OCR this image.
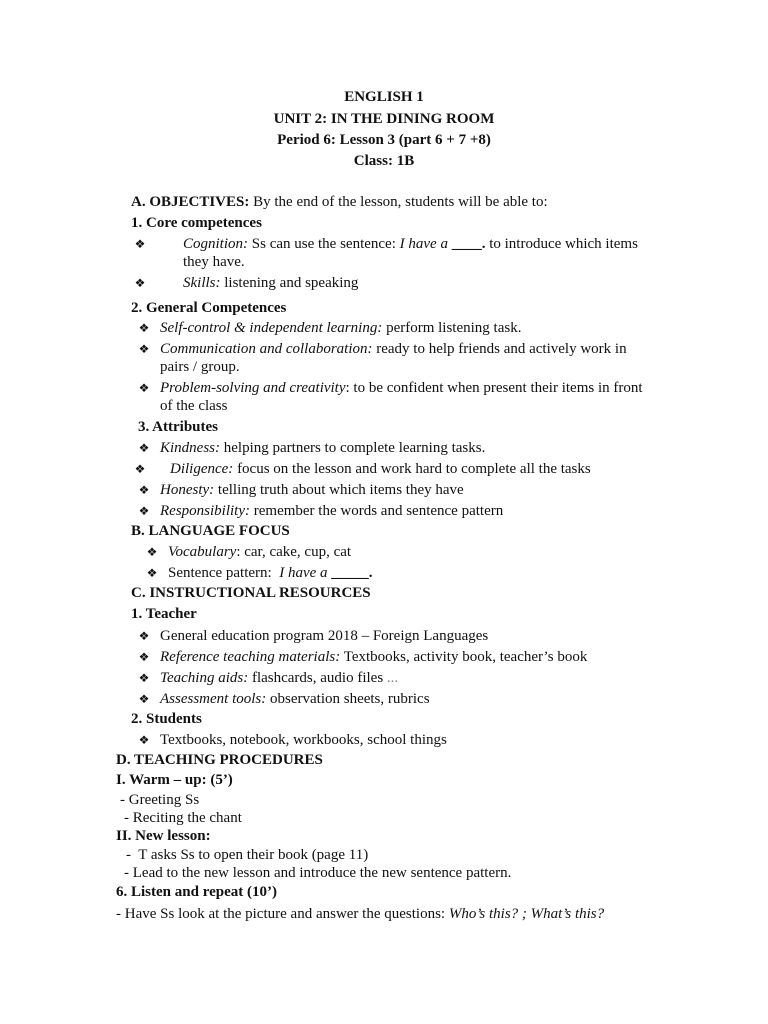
ENGLISH 1
UNIT 2: IN THE DINING ROOM
Period 6: Lesson 3 (part 6 + 7 +8)
Class: 1B
A. OBJECTIVES: By the end of the lesson, students will be able to:
1. Core competences
❖	Cognition: Ss can use the sentence: I have a ____. to introduce which items
they have.
❖	Skills: listening and speaking
2. General Competences
❖ Self-control & independent learning: perform listening task.
❖ Communication and collaboration: ready to help friends and actively work in
pairs / group.
❖ Problem-solving and creativity: to be confident when present their items in front
of the class
3. Attributes
❖ Kindness: helping partners to complete learning tasks.
❖ Diligence: focus on the lesson and work hard to complete all the tasks
❖ Honesty: telling truth about which items they have
❖ Responsibility: remember the words and sentence pattern
B. LANGUAGE FOCUS
❖ Vocabulary: car, cake, cup, cat
❖ Sentence pattern:  I have a _____.
C. INSTRUCTIONAL RESOURCES
1. Teacher
❖ General education program 2018 – Foreign Languages
❖ Reference teaching materials: Textbooks, activity book, teacher’s book
❖ Teaching aids: flashcards, audio files ...
❖ Assessment tools: observation sheets, rubrics
2. Students
❖ Textbooks, notebook, workbooks, school things
D. TEACHING PROCEDURES
I. Warm – up: (5’)
- Greeting Ss
- Reciting the chant
II. New lesson:
-  T asks Ss to open their book (page 11)
- Lead to the new lesson and introduce the new sentence pattern.
6. Listen and repeat (10’)
- Have Ss look at the picture and answer the questions: Who’s this? ; What’s this?
